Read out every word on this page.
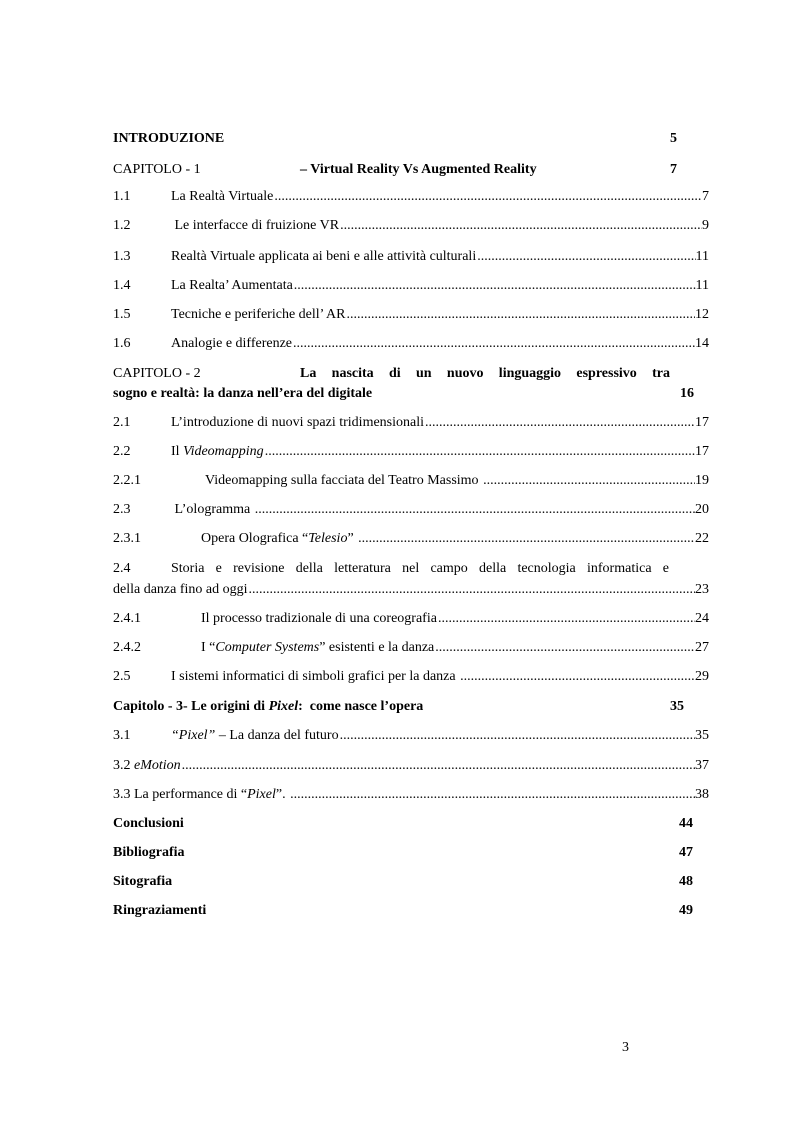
INTRODUZIONE	5
CAPITOLO - 1	– Virtual Reality Vs Augmented Reality	7
1.1	La Realtà Virtuale .....	7
1.2	Le interfacce di fruizione VR .....	9
1.3	Realtà Virtuale applicata ai beni e alle attività culturali .....	11
1.4	La Realta’ Aumentata .....	11
1.5	Tecniche e periferiche dell’ AR .....	12
1.6	Analogie e differenze .....	14
CAPITOLO - 2	La nascita di un nuovo linguaggio espressivo tra
sogno e realtà: la danza nell’era del digitale	16
2.1	L’introduzione di nuovi spazi tridimensionali .....	17
2.2	Il Videomapping .....	17
2.2.1	Videomapping sulla facciata del Teatro Massimo .....	19
2.3	L’ologramma .....	20
2.3.1	Opera Olografica “Telesio” .....	22
2.4	Storia e revisione della letteratura nel campo della tecnologia informatica e
della danza fino ad oggi .....	23
2.4.1	Il processo tradizionale di una coreografia .....	24
2.4.2	I “Computer Systems” esistenti e la danza .....	27
2.5	I sistemi informatici di simboli grafici per la danza .....	29
Capitolo - 3- Le origini di Pixel:  come nasce l’opera	35
3.1	“Pixel” – La danza del futuro .....	35
3.2 eMotion .....	37
3.3 La performance di “Pixel”. .....	38
Conclusioni	44
Bibliografia	47
Sitografia	48
Ringraziamenti	49
3
